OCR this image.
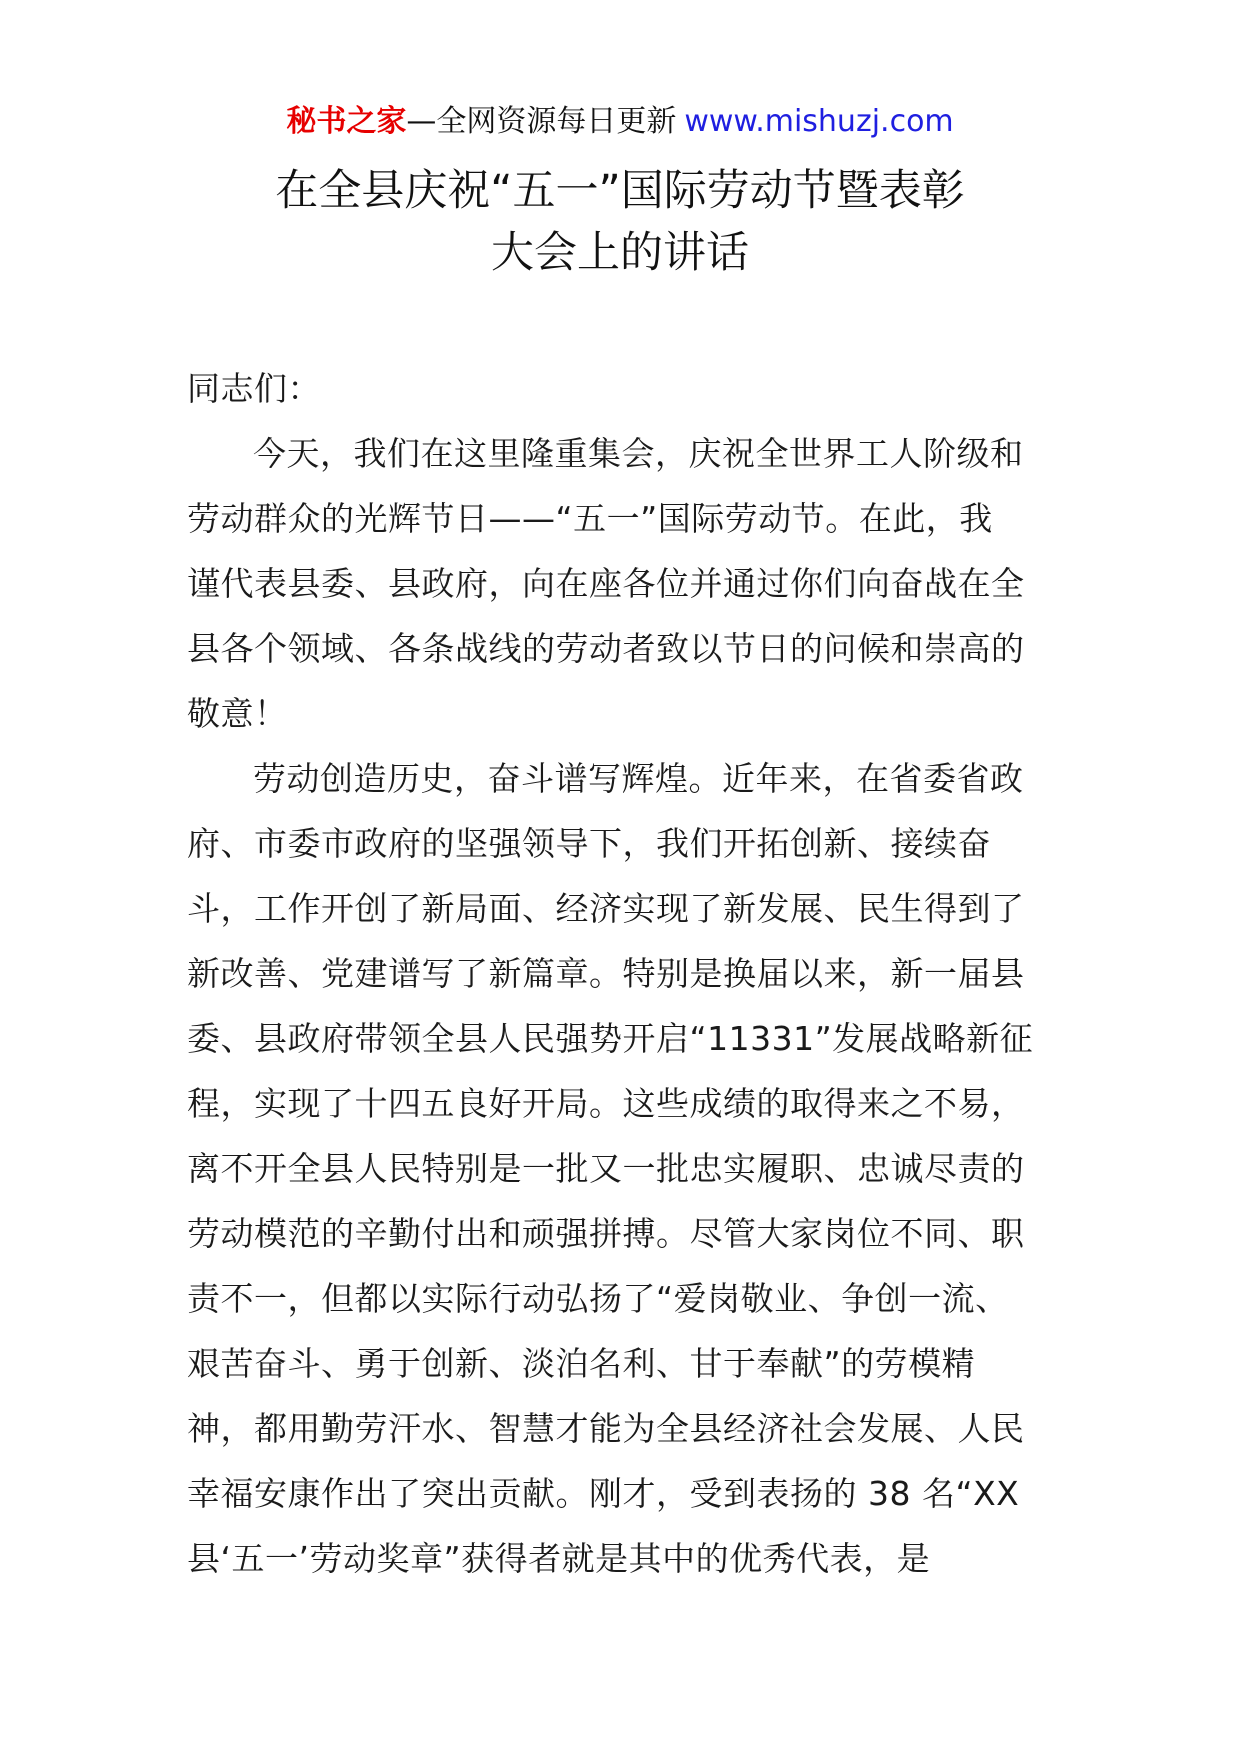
秘书之家—全网资源每日更新 www.mishuzj.com
在全县庆祝“五一”国际劳动节暨表彰
大会上的讲话
同志们：
今天，我们在这里隆重集会，庆祝全世界工人阶级和
劳动群众的光辉节日——“五一”国际劳动节。在此，我
谨代表县委、县政府，向在座各位并通过你们向奋战在全
县各个领域、各条战线的劳动者致以节日的问候和崇高的
敬意！
劳动创造历史，奋斗谱写辉煌。近年来，在省委省政
府、市委市政府的坚强领导下，我们开拓创新、接续奋
斗，工作开创了新局面、经济实现了新发展、民生得到了
新改善、党建谱写了新篇章。特别是换届以来，新一届县
委、县政府带领全县人民强势开启“11331”发展战略新征
程，实现了十四五良好开局。这些成绩的取得来之不易，
离不开全县人民特别是一批又一批忠实履职、忠诚尽责的
劳动模范的辛勤付出和顽强拼搏。尽管大家岗位不同、职
责不一，但都以实际行动弘扬了“爱岗敬业、争创一流、
艰苦奋斗、勇于创新、淡泊名利、甘于奉献”的劳模精
神，都用勤劳汗水、智慧才能为全县经济社会发展、人民
幸福安康作出了突出贡献。刚才，受到表扬的 38 名“XX
县‘五一’劳动奖章”获得者就是其中的优秀代表，是
